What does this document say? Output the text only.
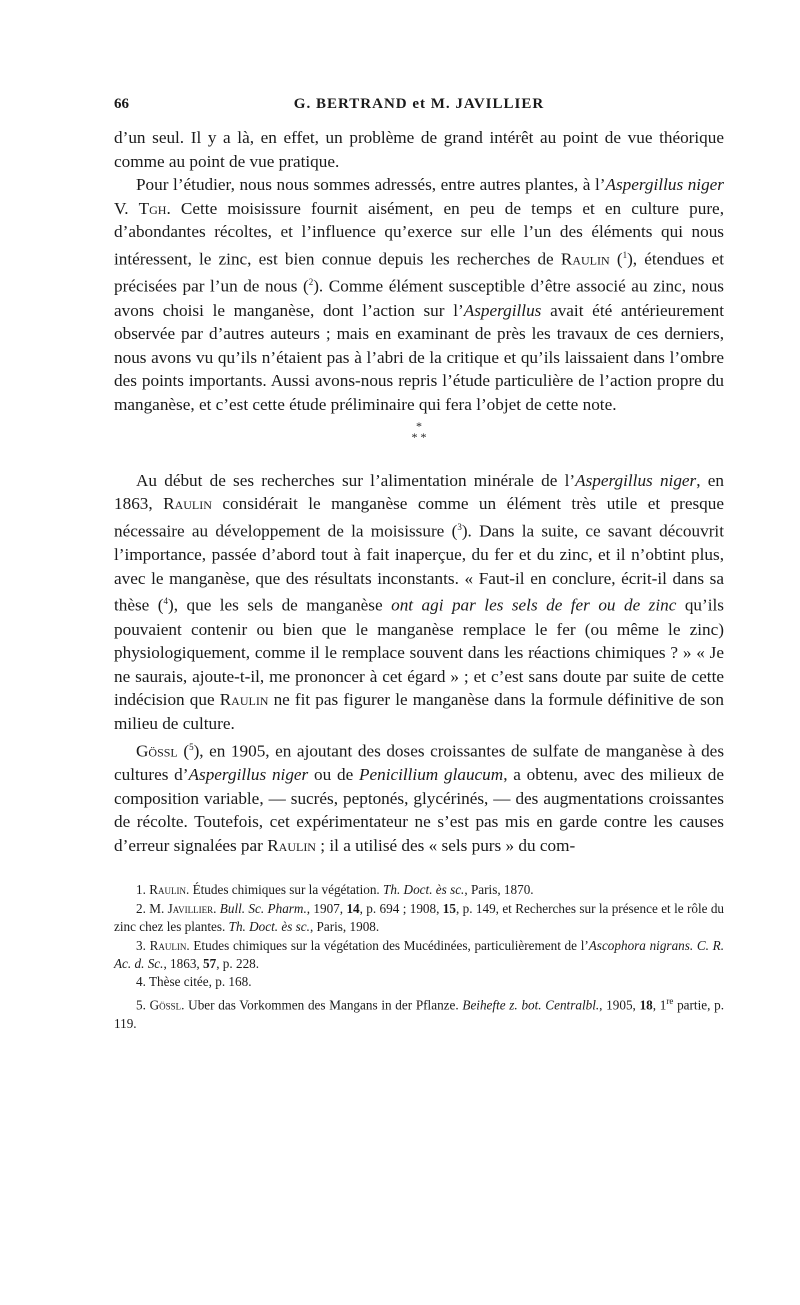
66	G. BERTRAND et M. JAVILLIER

d’un seul. Il y a là, en effet, un problème de grand intérêt au point de vue théorique comme au point de vue pratique.

Pour l’étudier, nous nous sommes adressés, entre autres plantes, à l’Aspergillus niger V. Tgh. Cette moisissure fournit aisément, en peu de temps et en culture pure, d’abondantes récoltes, et l’influence qu’exerce sur elle l’un des éléments qui nous intéressent, le zinc, est bien connue depuis les recherches de Raulin ($^1$), étendues et précisées par l’un de nous ($^2$). Comme élément susceptible d’être associé au zinc, nous avons choisi le manganèse, dont l’action sur l’Aspergillus avait été antérieurement observée par d’autres auteurs ; mais en examinant de près les travaux de ces derniers, nous avons vu qu’ils n’étaient pas à l’abri de la critique et qu’ils laissaient dans l’ombre des points importants. Aussi avons-nous repris l’étude particulière de l’action propre du manganèse, et c’est cette étude préliminaire qui fera l’objet de cette note.

*
* *

Au début de ses recherches sur l’alimentation minérale de l’Aspergillus niger, en 1863, Raulin considérait le manganèse comme un élément très utile et presque nécessaire au développement de la moisissure ($^3$). Dans la suite, ce savant découvrit l’importance, passée d’abord tout à fait inaperçue, du fer et du zinc, et il n’obtint plus, avec le manganèse, que des résultats inconstants. « Faut-il en conclure, écrit-il dans sa thèse ($^4$), que les sels de manganèse ont agi par les sels de fer ou de zinc qu’ils pouvaient contenir ou bien que le manganèse remplace le fer (ou même le zinc) physiologiquement, comme il le remplace souvent dans les réactions chimiques ? » « Je ne saurais, ajoute-t-il, me prononcer à cet égard » ; et c’est sans doute par suite de cette indécision que Raulin ne fit pas figurer le manganèse dans la formule définitive de son milieu de culture.

Gössl ($^5$), en 1905, en ajoutant des doses croissantes de sulfate de manganèse à des cultures d’Aspergillus niger ou de Penicillium glaucum, a obtenu, avec des milieux de composition variable, — sucrés, peptonés, glycérinés, — des augmentations croissantes de récolte. Toutefois, cet expérimentateur ne s’est pas mis en garde contre les causes d’erreur signalées par Raulin ; il a utilisé des « sels purs » du com-

1. Raulin. Études chimiques sur la végétation. Th. Doct. ès sc., Paris, 1870.

2. M. Javillier. Bull. Sc. Pharm., 1907, 14, p. 694 ; 1908, 15, p. 149, et Recherches sur la présence et le rôle du zinc chez les plantes. Th. Doct. ès sc., Paris, 1908.

3. Raulin. Etudes chimiques sur la végétation des Mucédinées, particulièrement de l’Ascophora nigrans. C. R. Ac. d. Sc., 1863, 57, p. 228.

4. Thèse citée, p. 168.

5. Gössl. Uber das Vorkommen des Mangans in der Pflanze. Beihefte z. bot. Centralbl., 1905, 18, 1re partie, p. 119.
